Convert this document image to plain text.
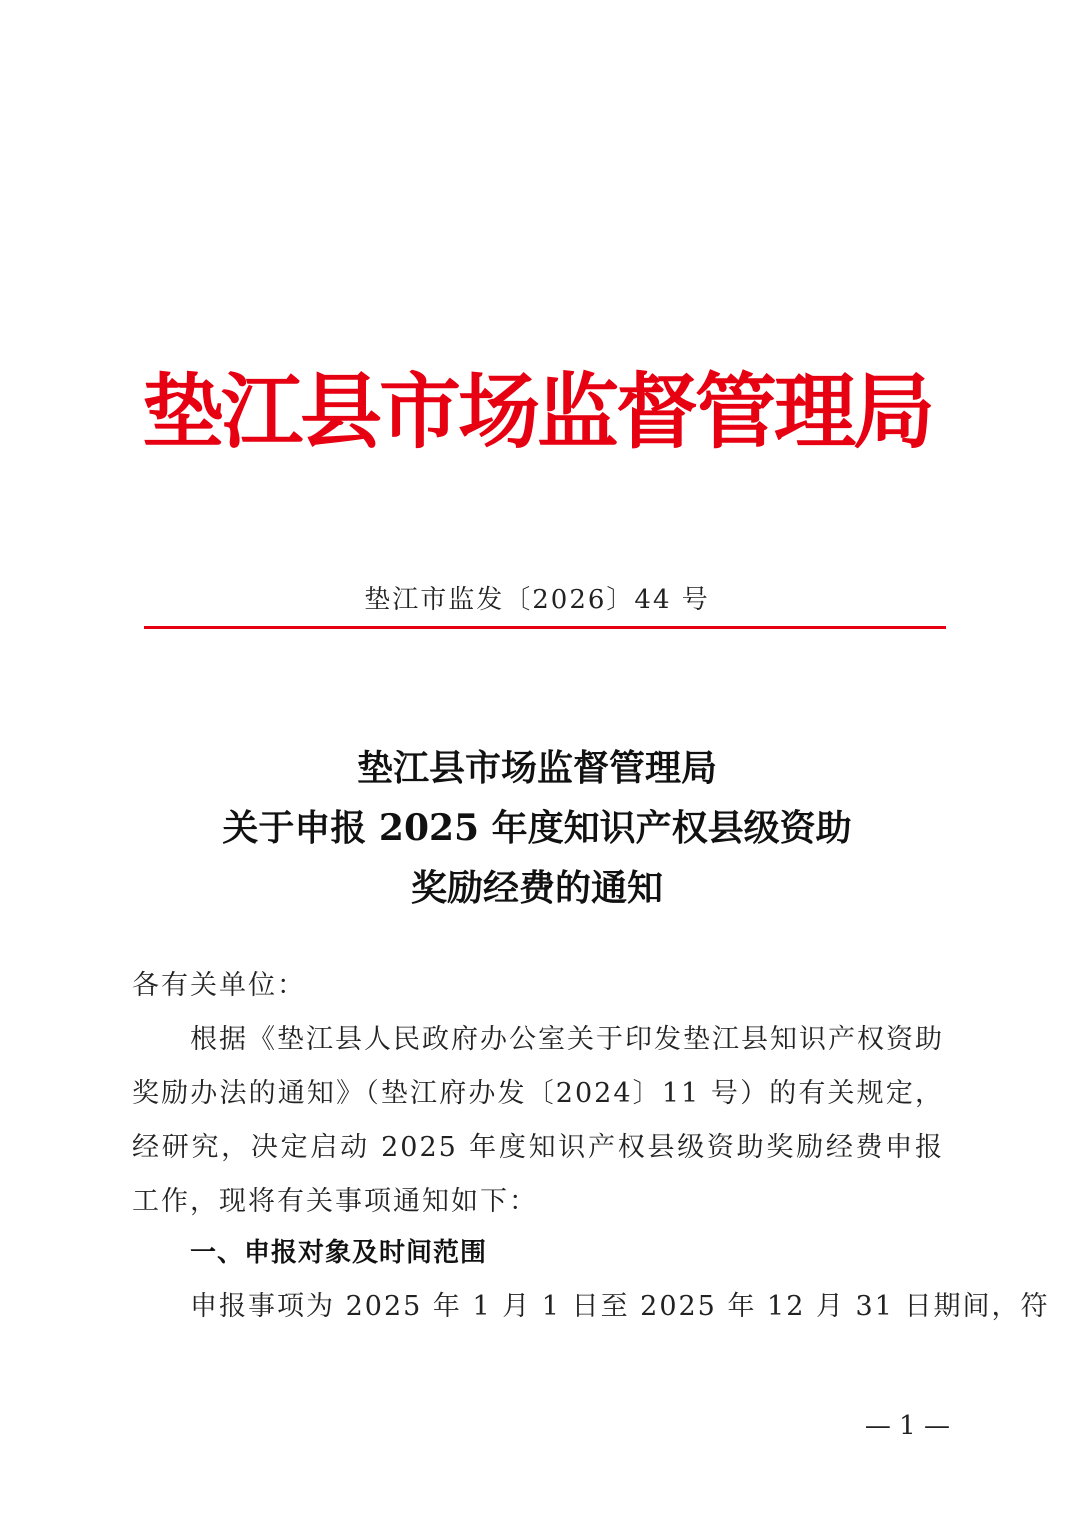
垫江县市场监督管理局
垫江市监发〔2026〕44 号
垫江县市场监督管理局
关于申报 2025 年度知识产权县级资助
奖励经费的通知
各有关单位：
根据《垫江县人民政府办公室关于印发垫江县知识产权资助奖励办法的通知》（垫江府办发〔2024〕11 号）的有关规定，经研究，决定启动 2025 年度知识产权县级资助奖励经费申报工作，现将有关事项通知如下：
一、申报对象及时间范围
申报事项为 2025 年 1 月 1 日至 2025 年 12 月 31 日期间，符
— 1 —
